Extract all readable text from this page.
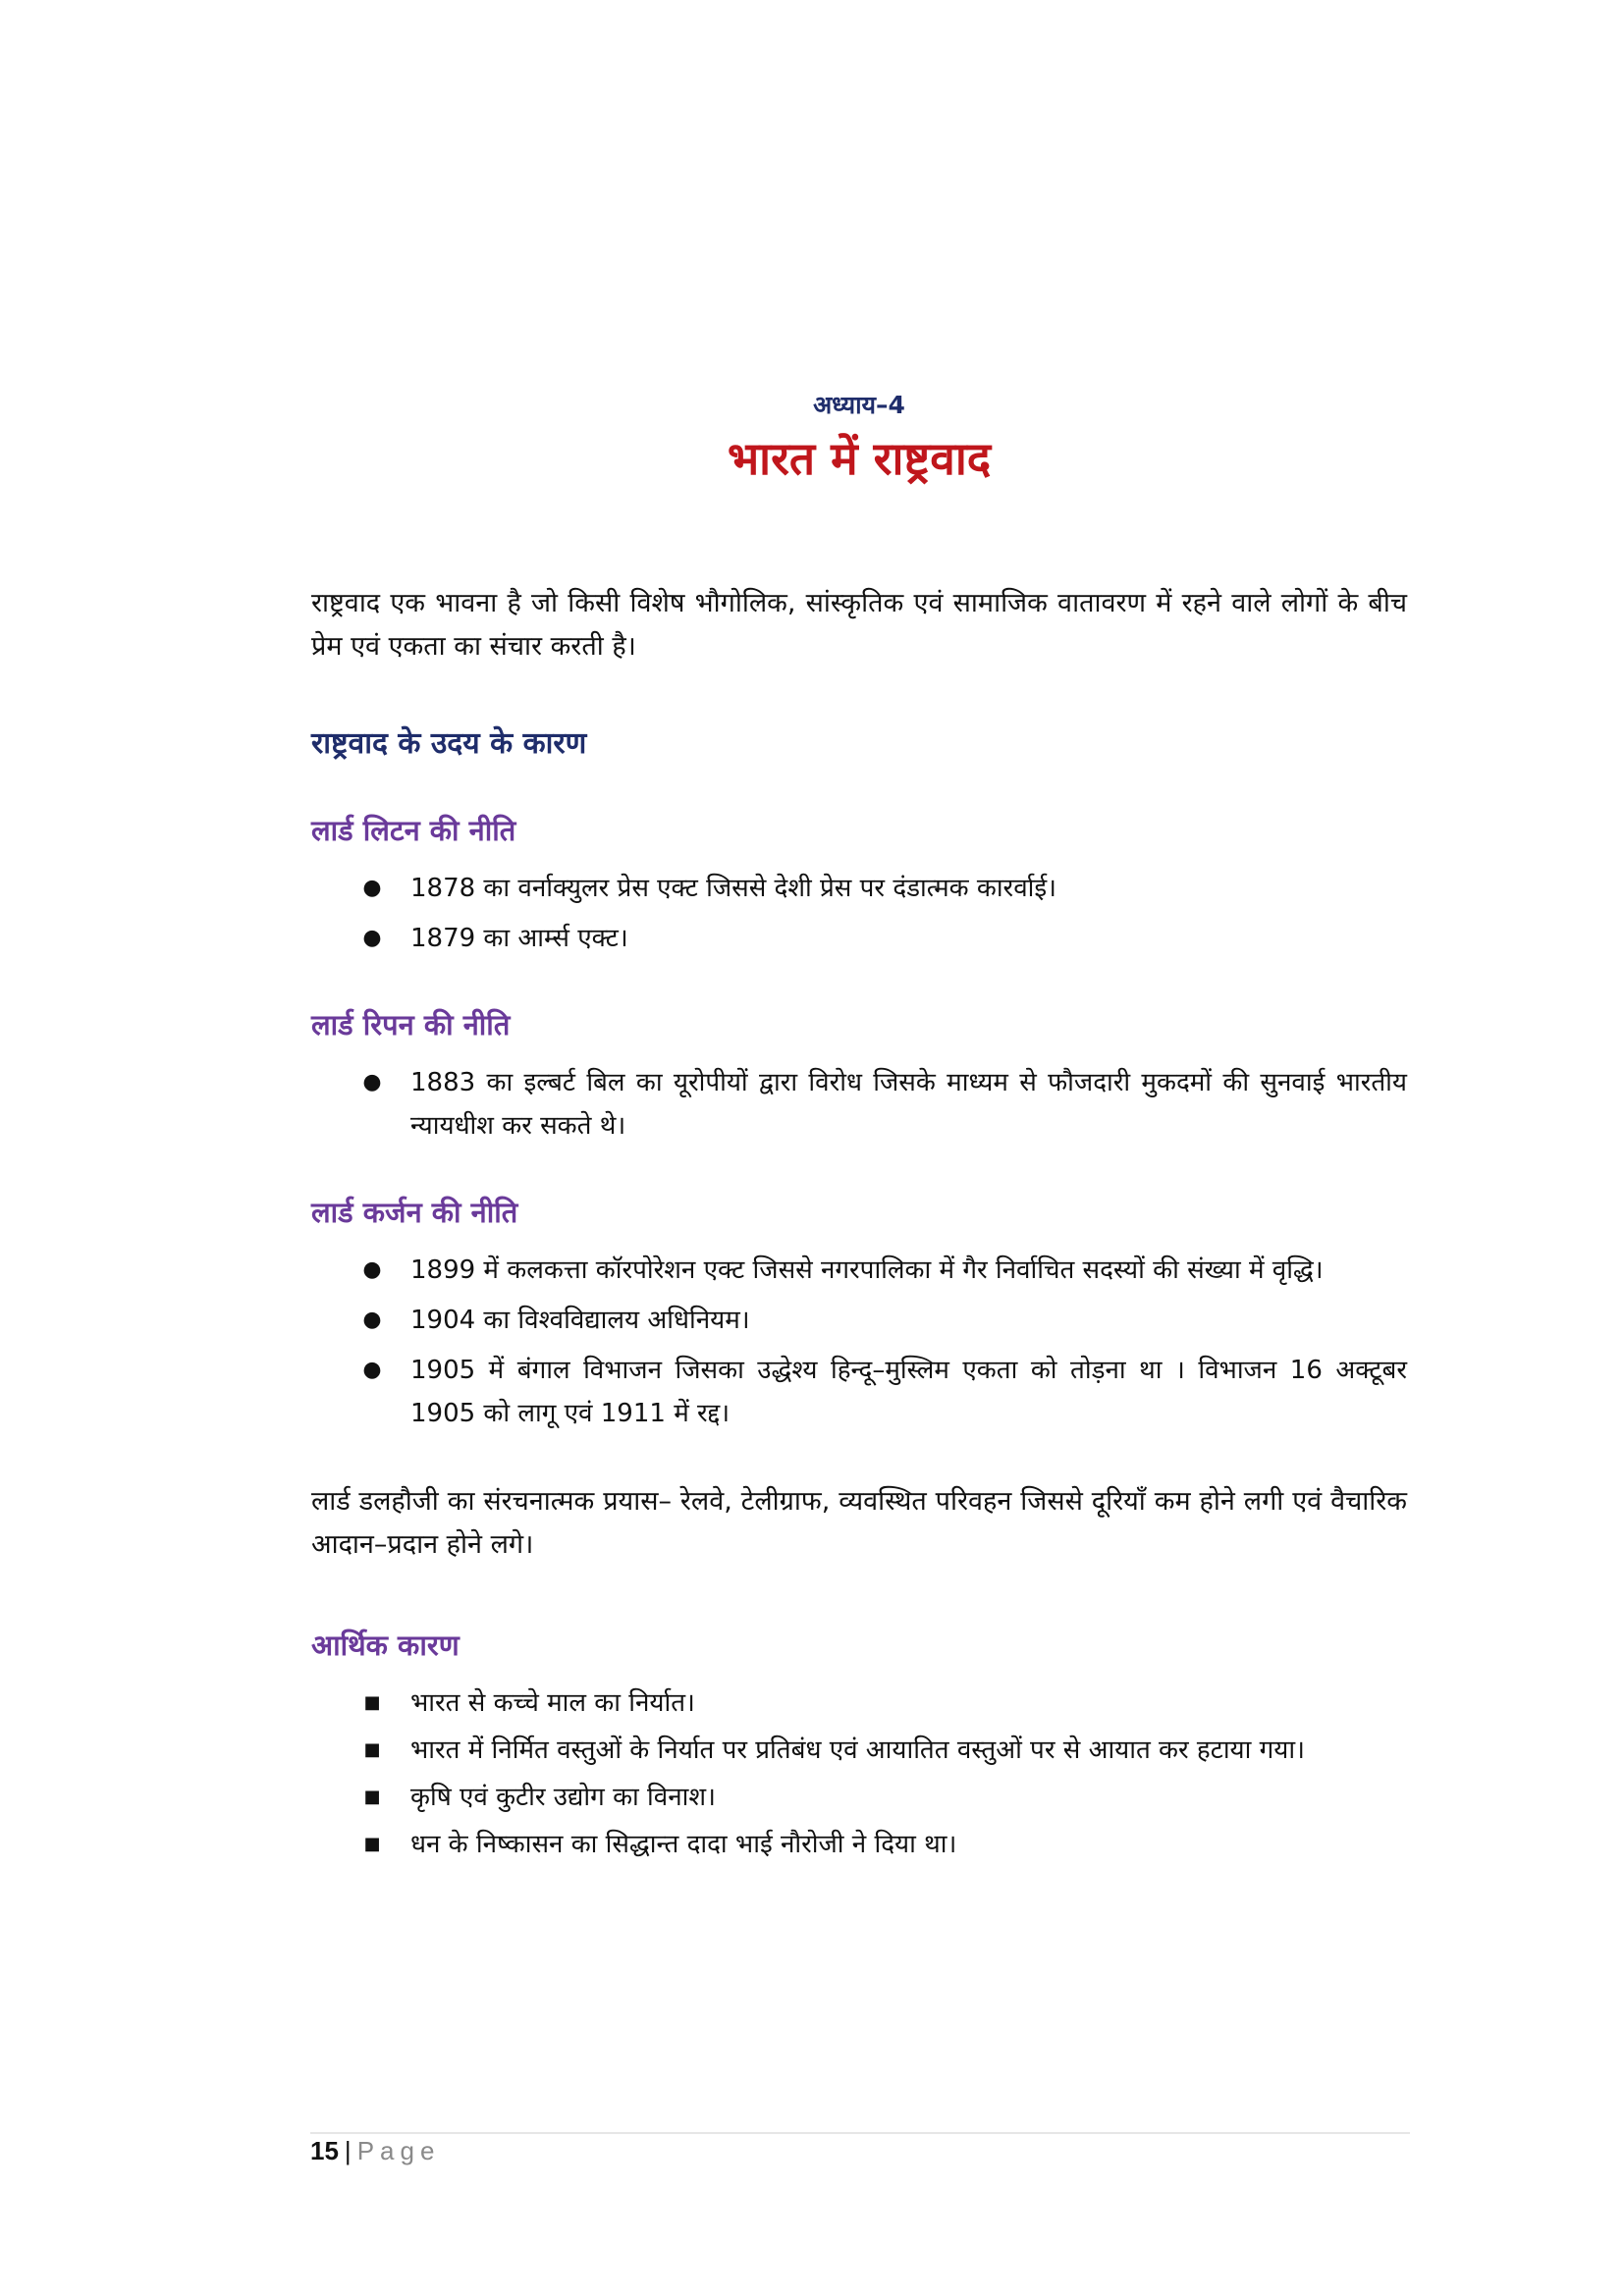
अध्याय–4
भारत में राष्ट्रवाद

राष्ट्रवाद एक भावना है जो किसी विशेष भौगोलिक, सांस्कृतिक एवं सामाजिक वातावरण में रहने वाले लोगों के बीच प्रेम एवं एकता का संचार करती है।

राष्ट्रवाद के उदय के कारण
लार्ड लिटन की नीति
● 1878 का वर्नाक्युलर प्रेस एक्ट जिससे देशी प्रेस पर दंडात्मक कारर्वाई।
● 1879 का आर्म्स एक्ट।
लार्ड रिपन की नीति
● 1883 का इल्बर्ट बिल का यूरोपीयों द्वारा विरोध जिसके माध्यम से फौजदारी मुकदमों की सुनवाई भारतीय न्यायधीश कर सकते थे।
लार्ड कर्जन की नीति
● 1899 में कलकत्ता कॉरपोरेशन एक्ट जिससे नगरपालिका में गैर निर्वाचित सदस्यों की संख्या में वृद्धि।
● 1904 का विश्वविद्यालय अधिनियम।
● 1905 में बंगाल विभाजन जिसका उद्धेश्य हिन्दू–मुस्लिम एकता को तोड़ना था । विभाजन 16 अक्टूबर 1905 को लागू एवं 1911 में रद्द।

लार्ड डलहौजी का संरचनात्मक प्रयास– रेलवे, टेलीग्राफ, व्यवस्थित परिवहन जिससे दूरियाँ कम होने लगी एवं वैचारिक आदान–प्रदान होने लगे।

आर्थिक कारण
■ भारत से कच्चे माल का निर्यात।
■ भारत में निर्मित वस्तुओं के निर्यात पर प्रतिबंध एवं आयातित वस्तुओं पर से आयात कर हटाया गया।
■ कृषि एवं कुटीर उद्योग का विनाश।
■ धन के निष्कासन का सिद्धान्त दादा भाई नौरोजी ने दिया था।
15 | Page
